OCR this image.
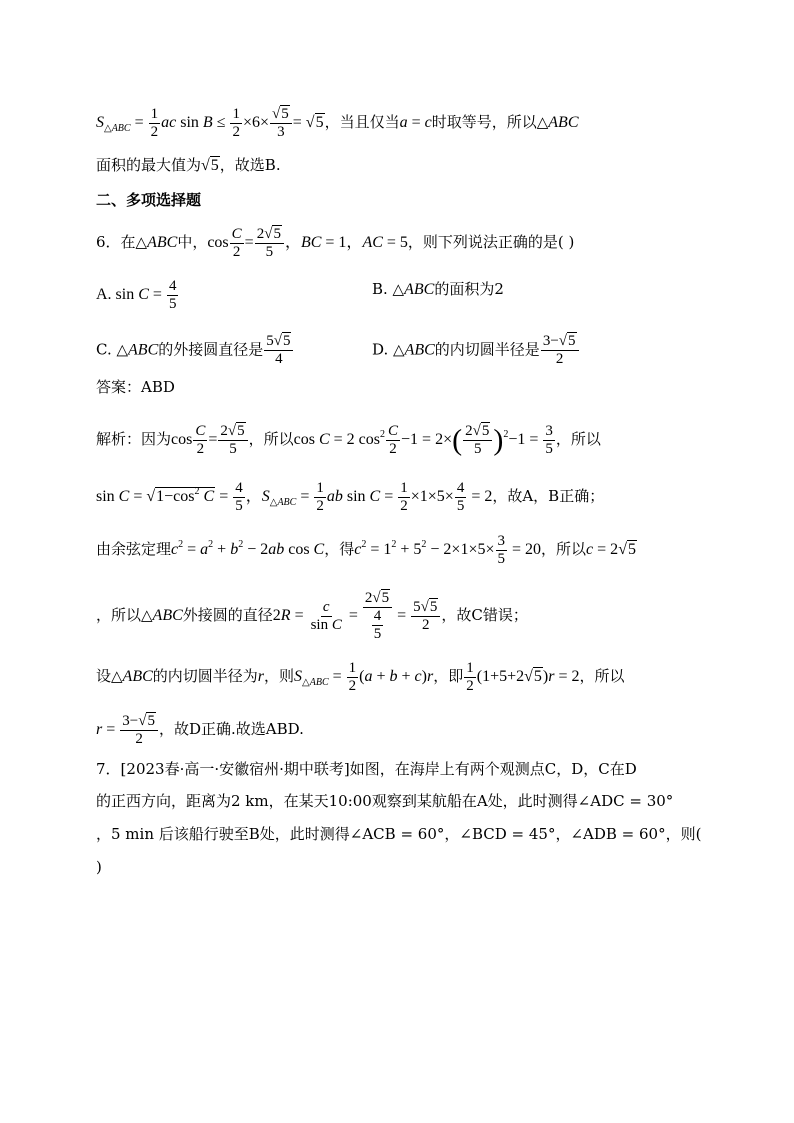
$S_{\triangle ABC} = \frac{1}{2}$ ac $\sin B \le \frac{1}{2} \times 6\times \frac{√5}{3} = √5$，当且仅当a = c时取等号，所以△ABC
面积的最大值为√5，故选B.
二、多项选择题
6．在△ABC中，$\cos \frac{C}{2} = \frac{2√5}{5}$ ，BC = 1，AC = 5，则下列说法正确的是( )
A. $\sin C = \frac{4}{5}$	B. △ABC的面积为2
C. △ABC的外接圆直径是 $\frac{5√5}{4}$	D. △ABC的内切圆半径是 $\frac{3-√5}{2}$
答案：ABD
解析：因为$\cos \frac{C}{2} = \frac{2√5}{5}$ ，所以cos C = 2 $\cos^2 \frac{C}{2} -1 = 2\times( \frac{2√5}{5} )^2-1 = \frac{3}{5}$ ，所以
$\sin C = √1-\cos^2$ $C = \frac{4}{5}$ ，$S_{\triangle ABC} = \frac{1}{2}$ ab $\sin C = \frac{1}{2} \times 1\times 5\times \frac{4}{5} = 2$，故A，B正确；
由余弦定理$c^2 = a^2 + b^2 - 2ab$ cos C，得$c^2 = 1^2 + 5^2 - 2\times 1\times 5\times \frac{3}{5} = 20$，所以c = 2√5
，所以△ABC外接圆的直径$2R = \frac{c}{\text{sin C}} = \frac{2√5}{\frac{4}{5}} = \frac{5√5}{2}$ ，故C错误；
设△ABC的内切圆半径为r，则$S_{\triangle ABC} = \frac{1}{2} (a + b + c)r$，即 $\frac{1}{2} (1+5+2√5)r = 2$，所以
$r = \frac{3-√5}{2}$ ，故D正确.故选ABD.
7．[2023春·高一·安徽宿州·期中联考]如图，在海岸上有两个观测点C，D，C在D
的正西方向，距离为2 km，在某天10:00观察到某航船在A处，此时测得∠ADC = 30°
，5 min 后该船行驶至B处，此时测得∠ACB = 60°，∠BCD = 45°，∠ADB = 60°，则(
)
